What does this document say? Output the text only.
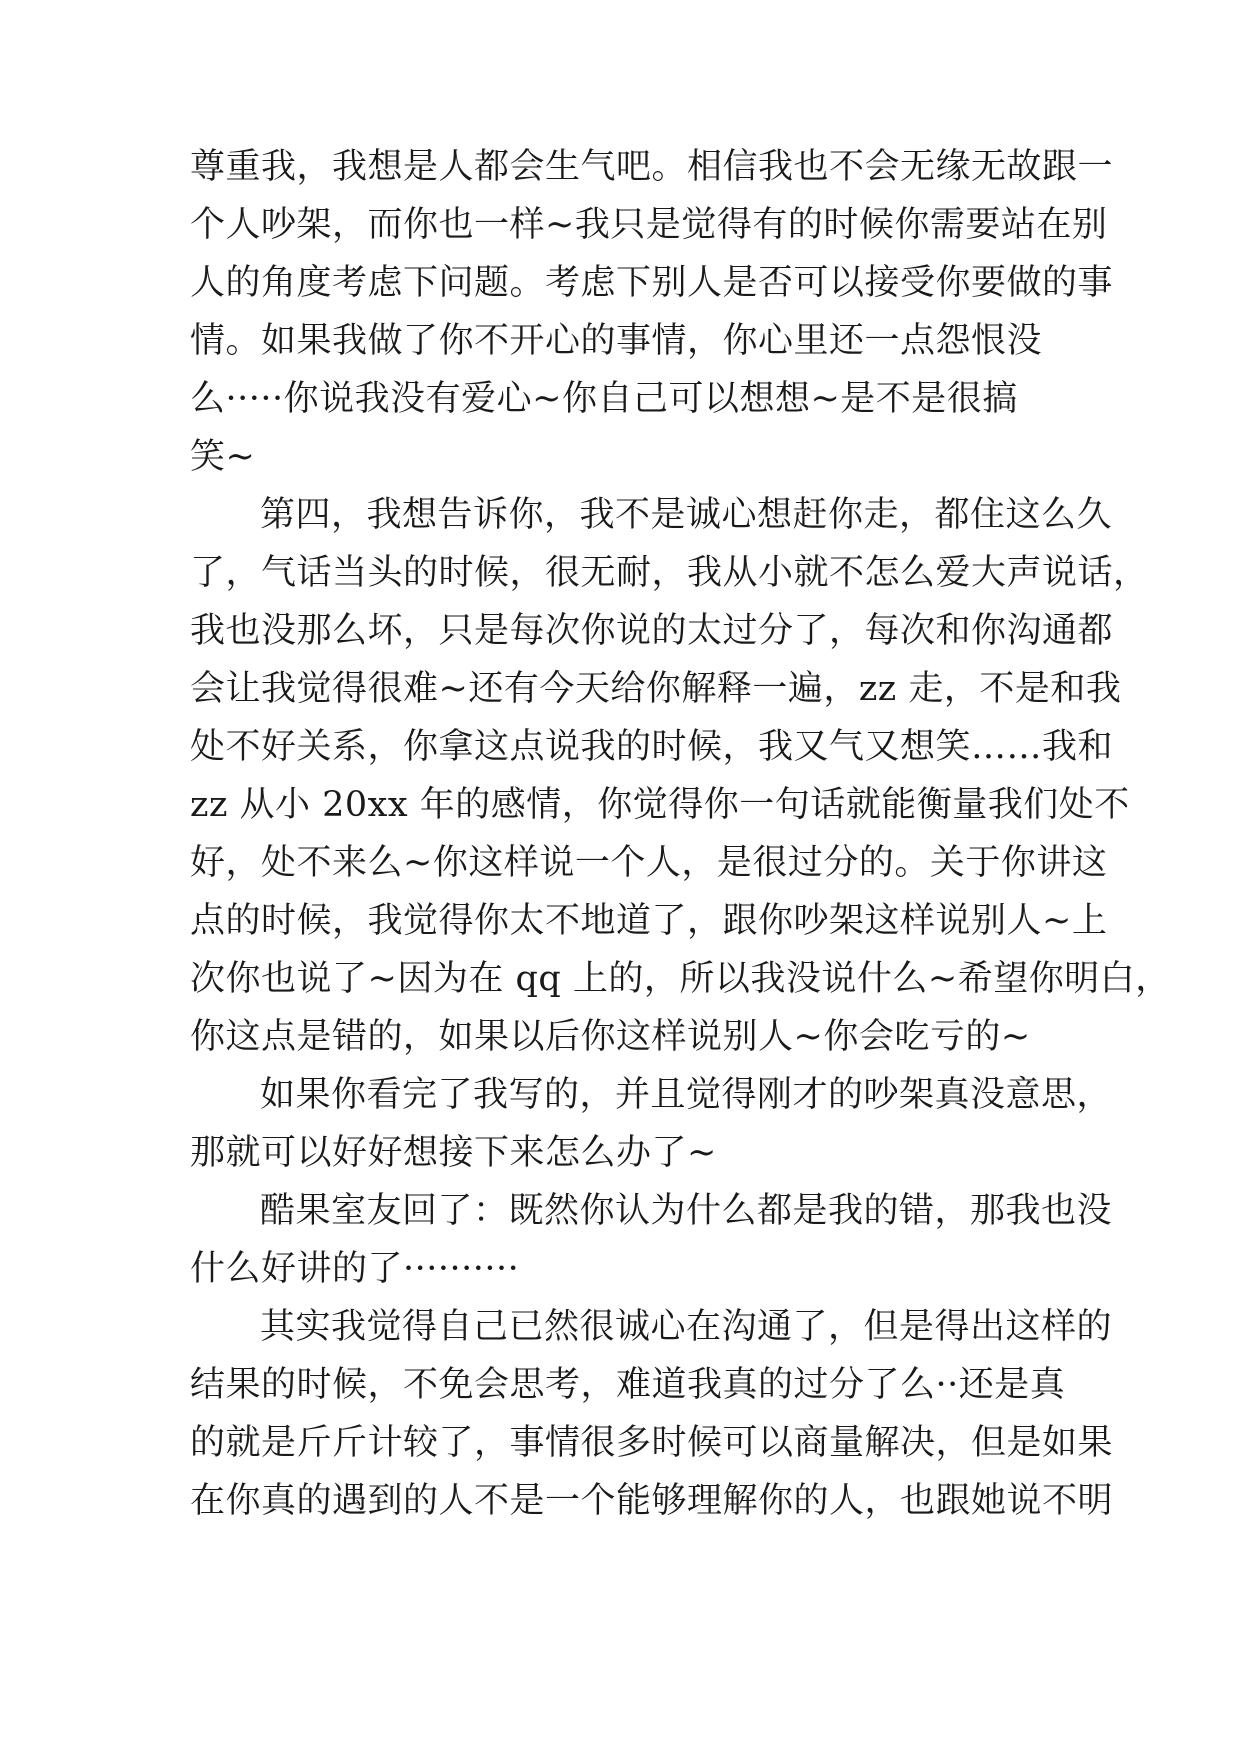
尊重我，我想是人都会生气吧。相信我也不会无缘无故跟一
个人吵架，而你也一样~我只是觉得有的时候你需要站在别
人的角度考虑下问题。考虑下别人是否可以接受你要做的事
情。如果我做了你不开心的事情，你心里还一点怨恨没
么·····你说我没有爱心~你自己可以想想~是不是很搞
笑~
第四，我想告诉你，我不是诚心想赶你走，都住这么久
了，气话当头的时候，很无耐，我从小就不怎么爱大声说话，
我也没那么坏，只是每次你说的太过分了，每次和你沟通都
会让我觉得很难~还有今天给你解释一遍，zz 走，不是和我
处不好关系，你拿这点说我的时候，我又气又想笑……我和
zz 从小 20xx 年的感情，你觉得你一句话就能衡量我们处不
好，处不来么~你这样说一个人，是很过分的。关于你讲这
点的时候，我觉得你太不地道了，跟你吵架这样说别人~上
次你也说了~因为在 qq 上的，所以我没说什么~希望你明白，
你这点是错的，如果以后你这样说别人~你会吃亏的~
如果你看完了我写的，并且觉得刚才的吵架真没意思，
那就可以好好想接下来怎么办了~
酷果室友回了：既然你认为什么都是我的错，那我也没
什么好讲的了··········
其实我觉得自己已然很诚心在沟通了，但是得出这样的
结果的时候，不免会思考，难道我真的过分了么··还是真
的就是斤斤计较了，事情很多时候可以商量解决，但是如果
在你真的遇到的人不是一个能够理解你的人，也跟她说不明
